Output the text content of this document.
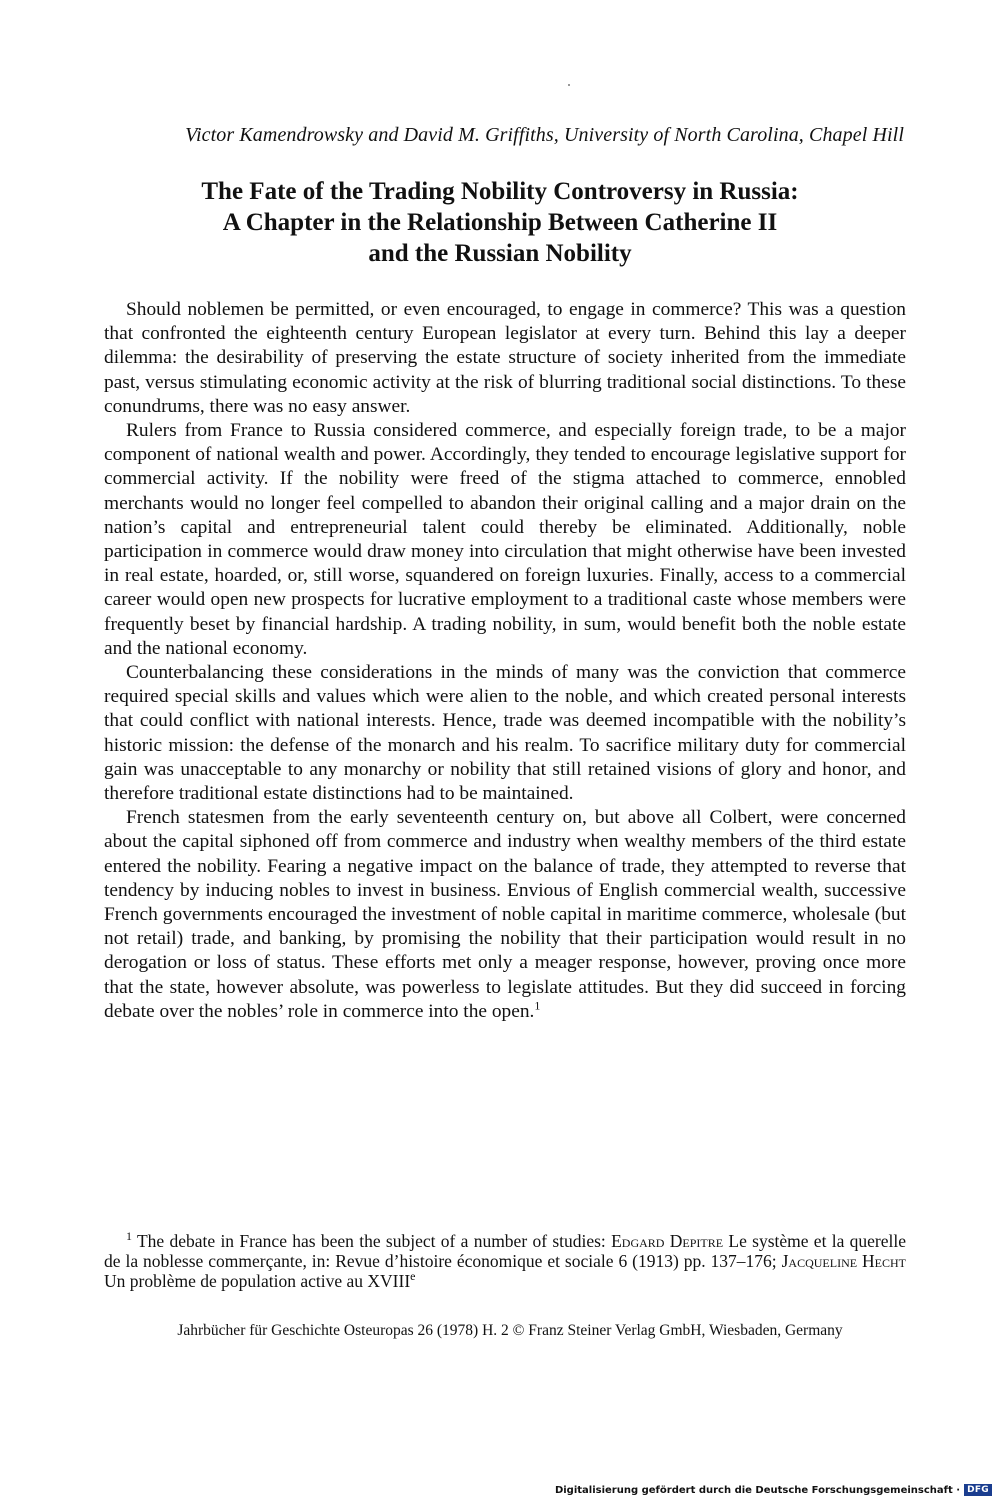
Victor Kamendrowsky and David M. Griffiths, University of North Carolina, Chapel Hill
The Fate of the Trading Nobility Controversy in Russia:
A Chapter in the Relationship Between Catherine II
and the Russian Nobility

Should noblemen be permitted, or even encouraged, to engage in commerce? This was a question that confronted the eighteenth century European legislator at every turn. Behind this lay a deeper dilemma: the desirability of preserving the estate structure of society inherited from the immediate past, versus stimulating economic activity at the risk of blurring traditional social distinctions. To these conundrums, there was no easy answer.

Rulers from France to Russia considered commerce, and especially foreign trade, to be a major component of national wealth and power. Accordingly, they tended to encourage legislative support for commercial activity. If the nobility were freed of the stigma attached to commerce, ennobled merchants would no longer feel compelled to abandon their original calling and a major drain on the nation’s capital and entrepreneurial talent could thereby be eliminated. Additionally, noble participation in commerce would draw money into circulation that might otherwise have been invested in real estate, hoarded, or, still worse, squandered on foreign luxuries. Finally, access to a commercial career would open new prospects for lucrative employment to a traditional caste whose members were frequently beset by financial hardship. A trading nobility, in sum, would benefit both the noble estate and the national economy.

Counterbalancing these considerations in the minds of many was the conviction that commerce required special skills and values which were alien to the noble, and which created personal interests that could conflict with national interests. Hence, trade was deemed incompatible with the nobility’s historic mission: the defense of the monarch and his realm. To sacrifice military duty for commercial gain was unacceptable to any monarchy or nobility that still retained visions of glory and honor, and therefore traditional estate distinctions had to be maintained.

French statesmen from the early seventeenth century on, but above all Colbert, were concerned about the capital siphoned off from commerce and industry when wealthy members of the third estate entered the nobility. Fearing a negative impact on the balance of trade, they attempted to reverse that tendency by inducing nobles to invest in business. Envious of English commercial wealth, successive French governments encouraged the investment of noble capital in maritime commerce, wholesale (but not retail) trade, and banking, by promising the nobility that their participation would result in no derogation or loss of status. These efforts met only a meager response, however, proving once more that the state, however absolute, was powerless to legislate attitudes. But they did succeed in forcing debate over the nobles’ role in commerce into the open.$^1$

$^1$ The debate in France has been the subject of a number of studies: Edgard Depitre Le système et la querelle de la noblesse commerçante, in: Revue d’histoire économique et sociale 6 (1913) pp. 137–176; Jacqueline Hecht Un problème de population active au XVIIIe
Jahrbücher für Geschichte Osteuropas 26 (1978) H. 2 © Franz Steiner Verlag GmbH, Wiesbaden, Germany
Digitalisierung gefördert durch die Deutsche Forschungsgemeinschaft · DFG
